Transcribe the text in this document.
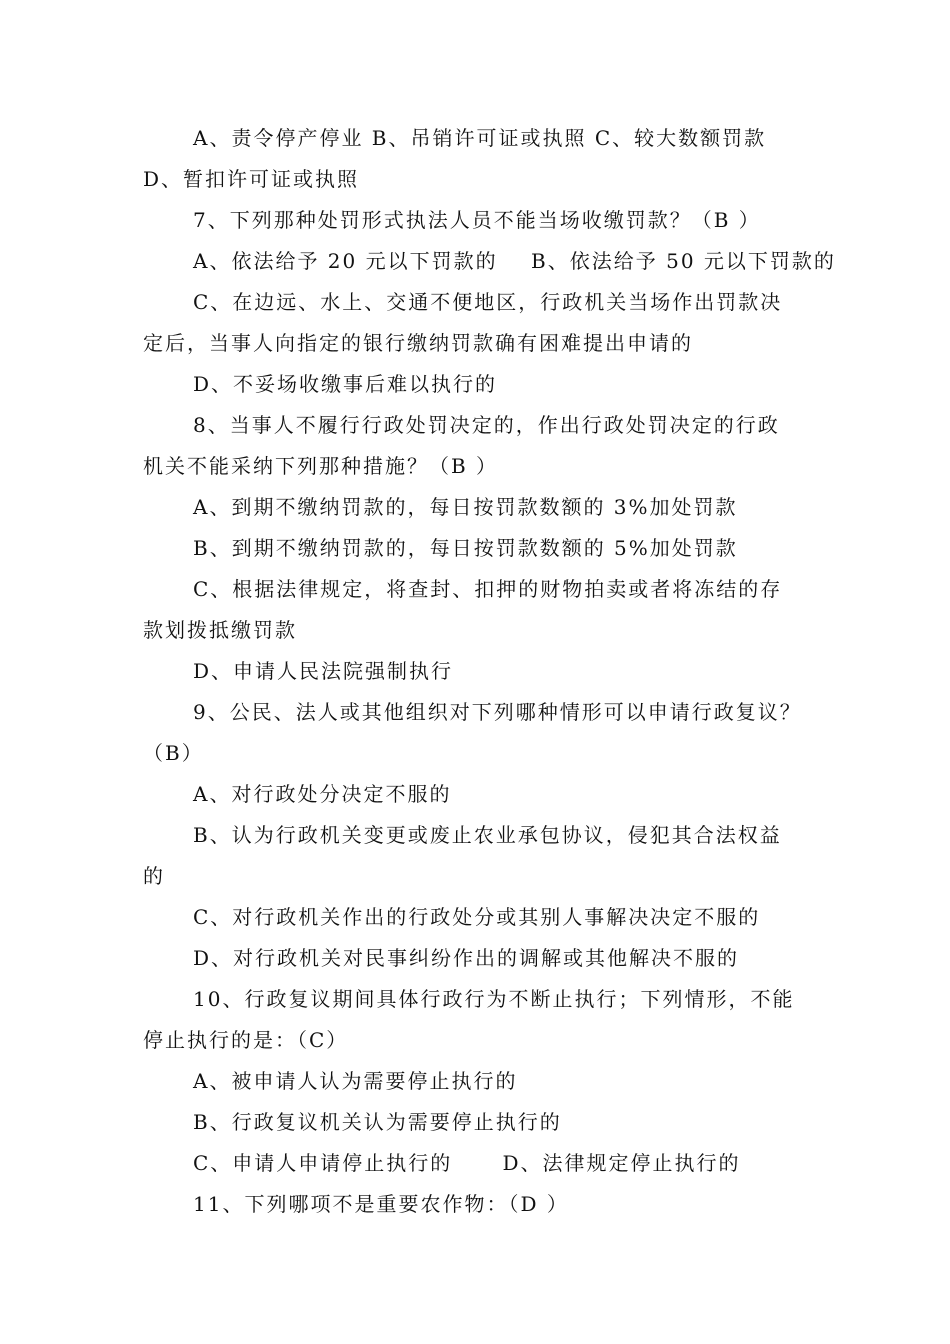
A、责令停产停业 B、吊销许可证或执照 C、较大数额罚款
D、暂扣许可证或执照
7、下列那种处罚形式执法人员不能当场收缴罚款？（B ）
A、依法给予 20 元以下罚款的    B、依法给予 50 元以下罚款的
C、在边远、水上、交通不便地区，行政机关当场作出罚款决
定后，当事人向指定的银行缴纳罚款确有困难提出申请的
D、不妥场收缴事后难以执行的
8、当事人不履行行政处罚决定的，作出行政处罚决定的行政
机关不能采纳下列那种措施？（B ）
A、到期不缴纳罚款的，每日按罚款数额的 3%加处罚款
B、到期不缴纳罚款的，每日按罚款数额的 5%加处罚款
C、根据法律规定，将查封、扣押的财物拍卖或者将冻结的存
款划拨抵缴罚款
D、申请人民法院强制执行
9、公民、法人或其他组织对下列哪种情形可以申请行政复议？
（B）
A、对行政处分决定不服的
B、认为行政机关变更或废止农业承包协议，侵犯其合法权益
的
C、对行政机关作出的行政处分或其别人事解决决定不服的
D、对行政机关对民事纠纷作出的调解或其他解决不服的
10、行政复议期间具体行政行为不断止执行；下列情形，不能
停止执行的是：（C）
A、被申请人认为需要停止执行的
B、行政复议机关认为需要停止执行的
C、申请人申请停止执行的      D、法律规定停止执行的
11、下列哪项不是重要农作物：（D ）
